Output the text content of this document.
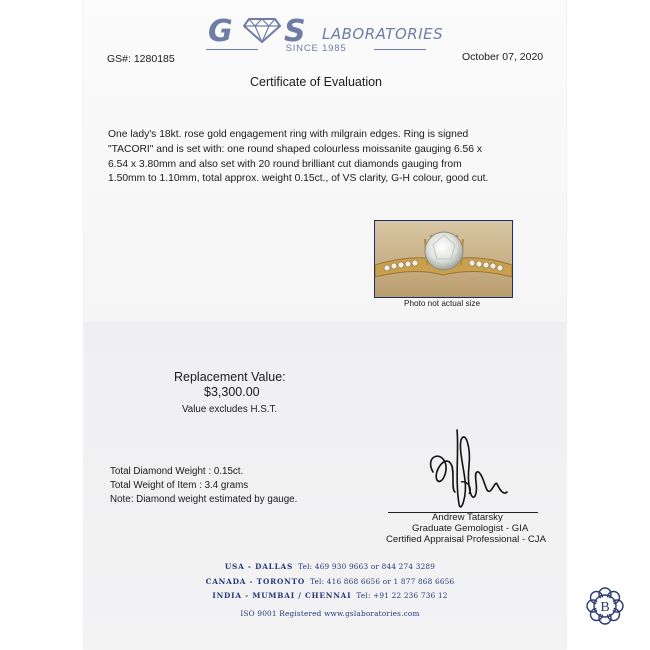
G S LABORATORIES
SINCE 1985
GS#: 1280185	October 07, 2020
Certificate of Evaluation
One lady's 18kt. rose gold engagement ring with milgrain edges. Ring is signed
"TACORI" and is set with: one round shaped colourless moissanite gauging 6.56 x
6.54 x 3.80mm and also set with 20 round brilliant cut diamonds gauging from
1.50mm to 1.10mm, total approx. weight 0.15ct., of VS clarity, G-H colour, good cut.
Photo not actual size
Replacement Value:
$3,300.00
Value excludes H.S.T.
Total Diamond Weight : 0.15ct.
Total Weight of Item : 3.4 grams
Note: Diamond weight estimated by gauge.
Andrew Tatarsky
Graduate Gemologist - GIA
Certified Appraisal Professional - CJA
USA - DALLAS Tel: 469 930 9663 or 844 274 3289
CANADA - TORONTO Tel: 416 868 6656 or 1 877 868 6656
INDIA - MUMBAI / CHENNAI Tel: +91 22 236 736 12
ISO 9001 Registered www.gslaboratories.com	B
